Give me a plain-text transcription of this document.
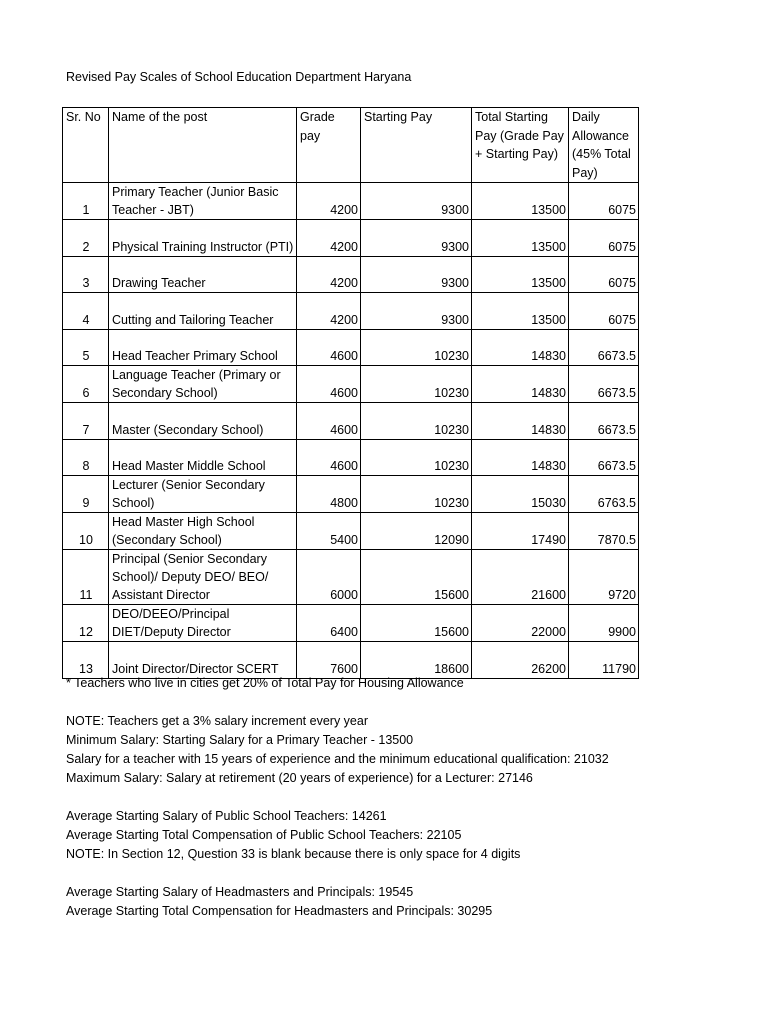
Revised Pay Scales of School Education Department Haryana
Sr. No	Name of the post	Grade pay	Starting Pay	Total Starting Pay (Grade Pay + Starting Pay)	Daily Allowance (45% Total Pay)
1	Primary Teacher (Junior Basic Teacher - JBT)	4200	9300	13500	6075
2	Physical Training Instructor (PTI)	4200	9300	13500	6075
3	Drawing Teacher	4200	9300	13500	6075
4	Cutting and Tailoring Teacher	4200	9300	13500	6075
5	Head Teacher Primary School	4600	10230	14830	6673.5
6	Language Teacher (Primary or Secondary School)	4600	10230	14830	6673.5
7	Master (Secondary School)	4600	10230	14830	6673.5
8	Head Master Middle School	4600	10230	14830	6673.5
9	Lecturer (Senior Secondary School)	4800	10230	15030	6763.5
10	Head Master High School (Secondary School)	5400	12090	17490	7870.5
11	Principal (Senior Secondary School)/ Deputy DEO/ BEO/ Assistant Director	6000	15600	21600	9720
12	DEO/DEEO/Principal DIET/Deputy Director	6400	15600	22000	9900
13	Joint Director/Director SCERT	7600	18600	26200	11790
* Teachers who live in cities get 20% of Total Pay for Housing Allowance
NOTE: Teachers get a 3% salary increment every year
Minimum Salary: Starting Salary for a Primary Teacher - 13500
Salary for a teacher with 15 years of experience and the minimum educational qualification: 21032
Maximum Salary: Salary at retirement (20 years of experience) for a Lecturer: 27146
Average Starting Salary of Public School Teachers: 14261
Average Starting Total Compensation of Public School Teachers: 22105
NOTE: In Section 12, Question 33 is blank because there is only space for 4 digits
Average Starting Salary of Headmasters and Principals: 19545
Average Starting Total Compensation for Headmasters and Principals: 30295
